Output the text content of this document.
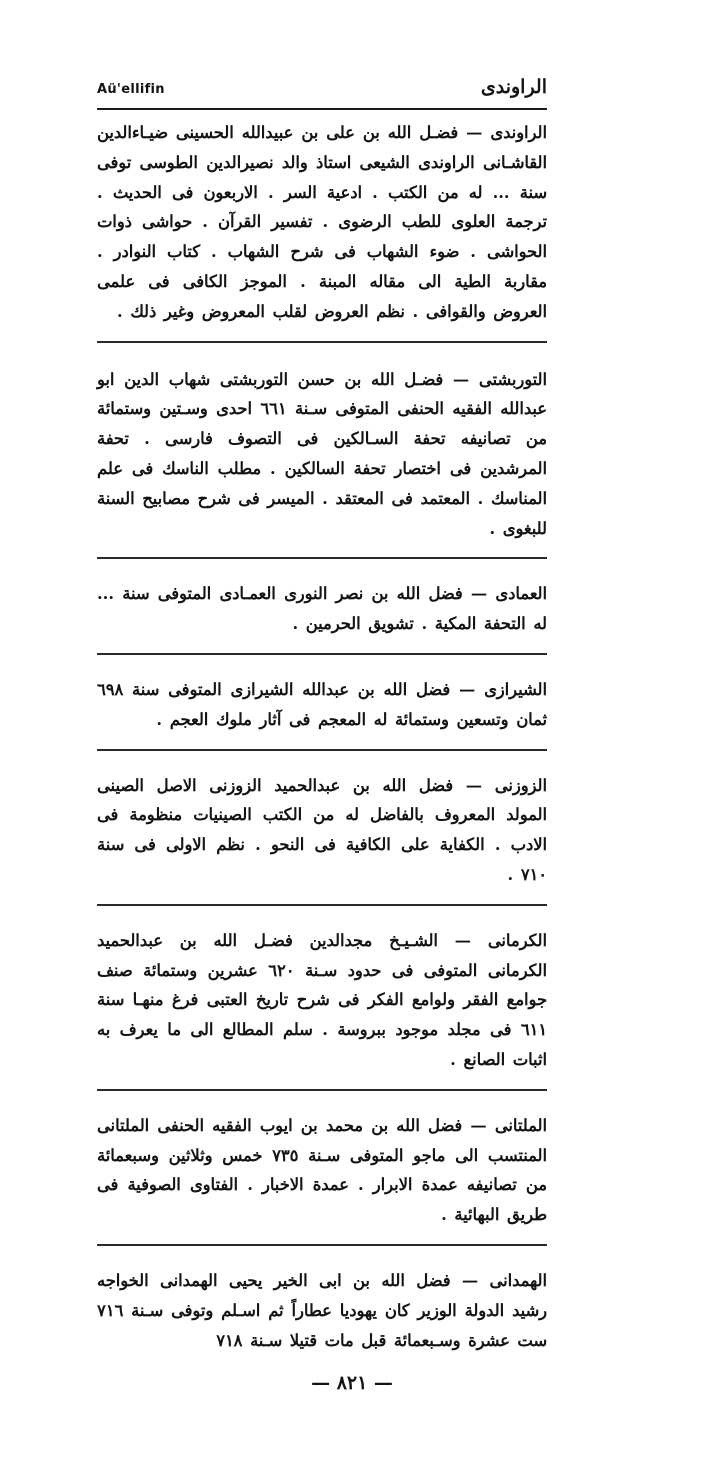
Aü'ellifin	الراوندى

الراوندى — فضـل الله بن على بن عبيدالله الحسينى ضيـاءالدين القاشـانى الراوندى الشيعى استاذ والد نصيرالدين الطوسى توفى سنة ... له من الكتب . ادعية السر . الاربعون فى الحديث . ترجمة العلوى للطب الرضوى . تفسير القرآن . حواشى ذوات الحواشى . ضوء الشهاب فى شرح الشهاب . كتاب النوادر . مقاربة الطية الى مقاله المبنة . الموجز الكافى فى علمى العروض والقوافى . نظم العروض لقلب المعروض وغير ذلك .

التوربشتى — فضـل الله بن حسن التوربشتى شهاب الدين ابو عبدالله الفقيه الحنفى المتوفى سـنة ٦٦١ احدى وسـتين وستمائة من تصانيفه تحفة السـالكين فى التصوف فارسى . تحفة المرشدين فى اختصار تحفة السالكين . مطلب الناسك فى علم المناسك . المعتمد فى المعتقد . الميسر فى شرح مصابيح السنة للبغوى .

العمادى — فضل الله بن نصر النورى العمـادى المتوفى سنة ... له التحفة المكية . تشويق الحرمين .

الشيرازى — فضل الله بن عبدالله الشيرازى المتوفى سنة ٦٩٨ ثمان وتسعين وستمائة له المعجم فى آثار ملوك العجم .

الزوزنى — فضل الله بن عبدالحميد الزوزنى الاصل الصينى المولد المعروف بالفاضل له من الكتب الصينيات منظومة فى الادب . الكفاية على الكافية فى النحو . نظم الاولى فى سنة ٧١٠ .

الكرمانى — الشـيـخ مجدالدين فضـل الله بن عبدالحميد الكرمانى المتوفى فى حدود سـنة ٦٢٠ عشرين وستمائة صنف جوامع الفقر ولوامع الفكر فى شرح تاريخ العتبى فرغ منهـا سنة ٦١١ فى مجلد موجود ببروسة . سلم المطالع الى ما يعرف به اثبات الصانع .

الملتانى — فضل الله بن محمد بن ايوب الفقيه الحنفى الملتانى المنتسب الى ماجو المتوفى سـنة ٧٣٥ خمس وثلاثين وسبعمائة من تصانيفه عمدة الابرار . عمدة الاخبار . الفتاوى الصوفية فى طريق البهائية .

الهمدانى — فضل الله بن ابى الخير يحيى الهمدانى الخواجه رشيد الدولة الوزير كان يهوديا عطاراً ثم اسـلم وتوفى سـنة ٧١٦ ست عشرة وسـبعمائة قبل مات قتيلا سـنة ٧١٨

— ٨٢١ —
